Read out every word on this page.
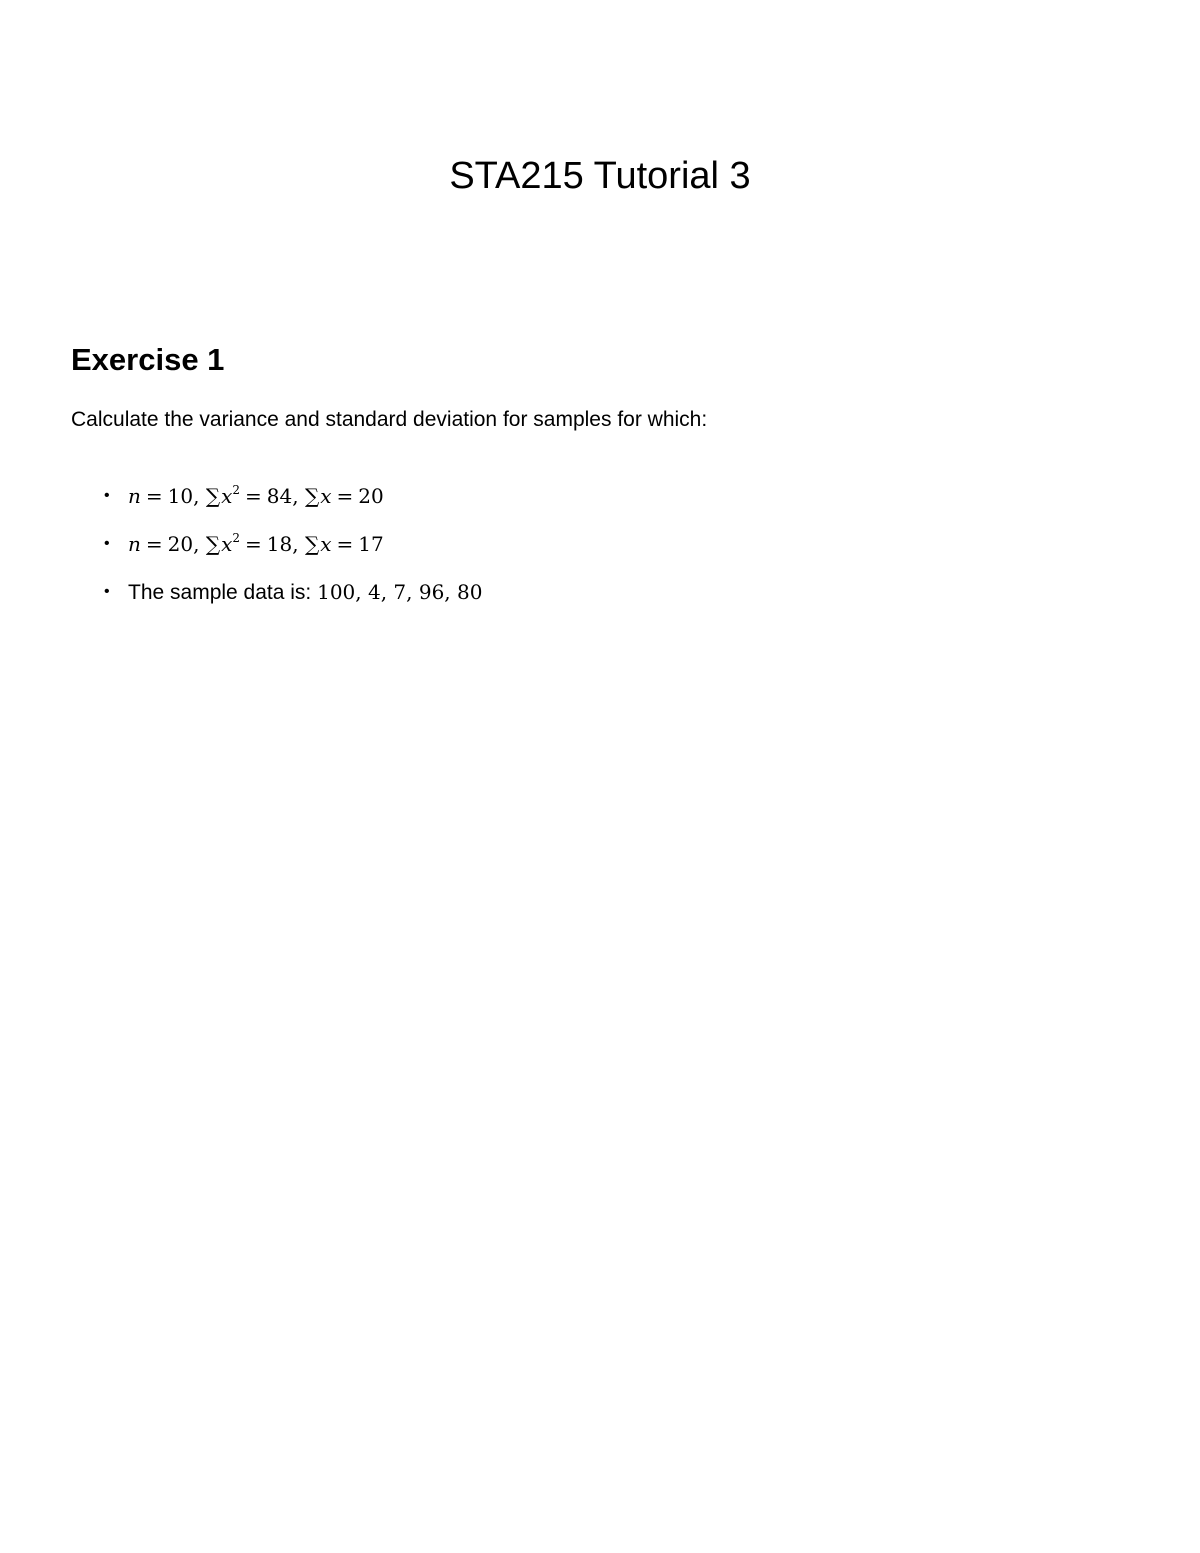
STA215 Tutorial 3
Exercise 1

Calculate the variance and standard deviation for samples for which:

• n = 10, $\sum x^2 = 84$, ∑x = 20
• n = 20, $\sum x^2 = 18$, ∑x = 17
• The sample data is: 100, 4, 7, 96, 80
